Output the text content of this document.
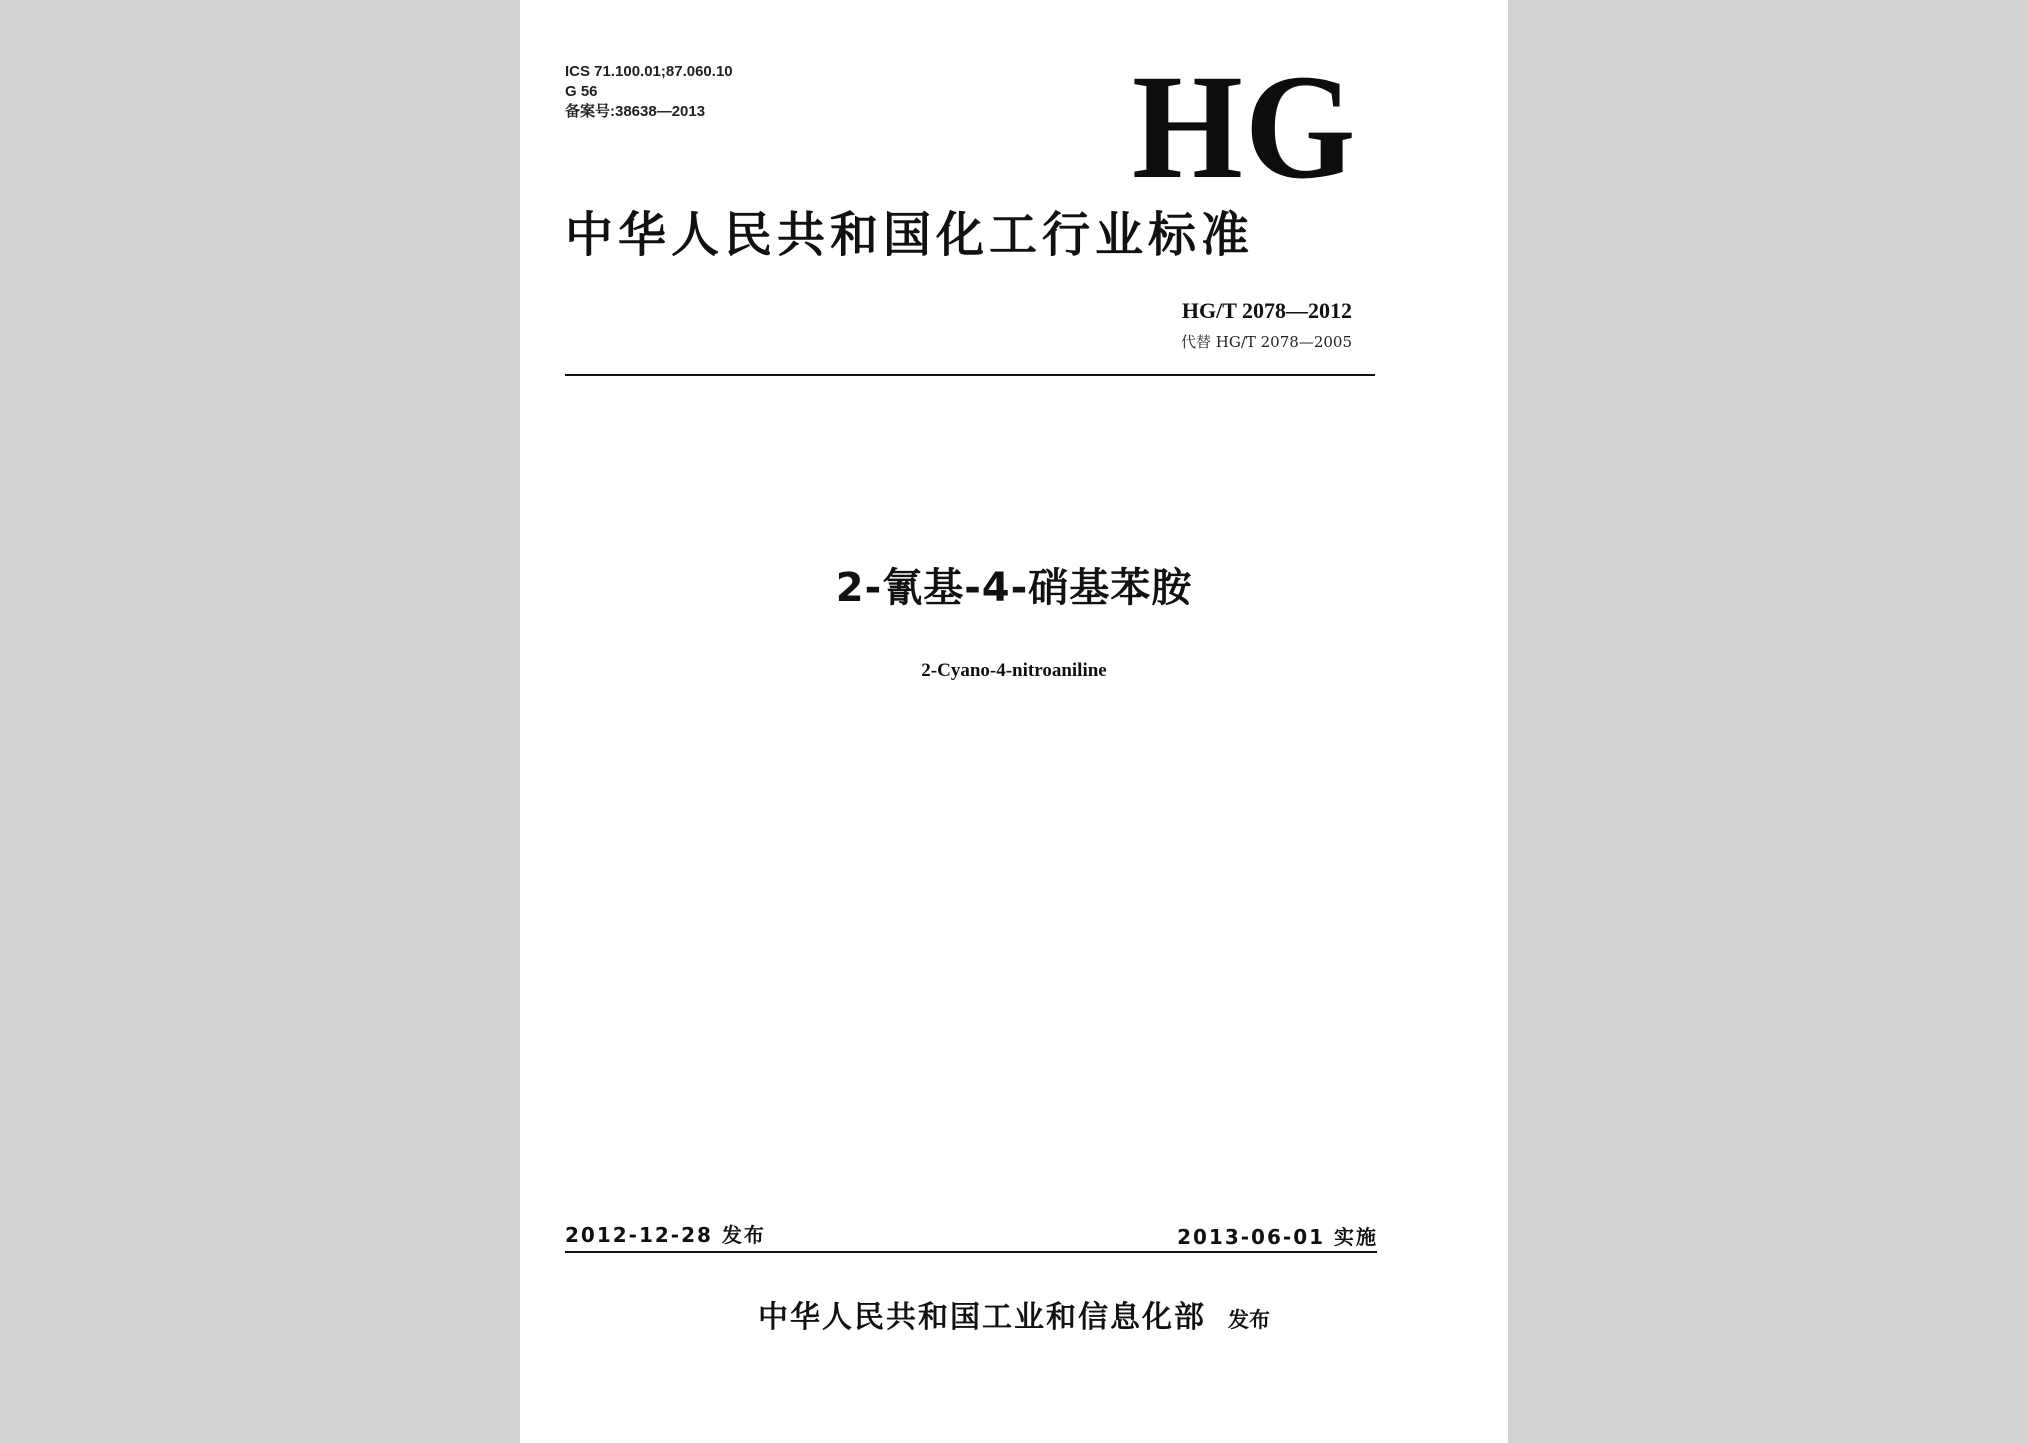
ICS 71.100.01;87.060.10
G 56
备案号:38638—2013	HG
中华人民共和国化工行业标准
HG/T 2078—2012
代替 HG/T 2078—2005
2-氰基-4-硝基苯胺
2-Cyano-4-nitroaniline
2012-12-28 发布	2013-06-01 实施
中华人民共和国工业和信息化部 发布
